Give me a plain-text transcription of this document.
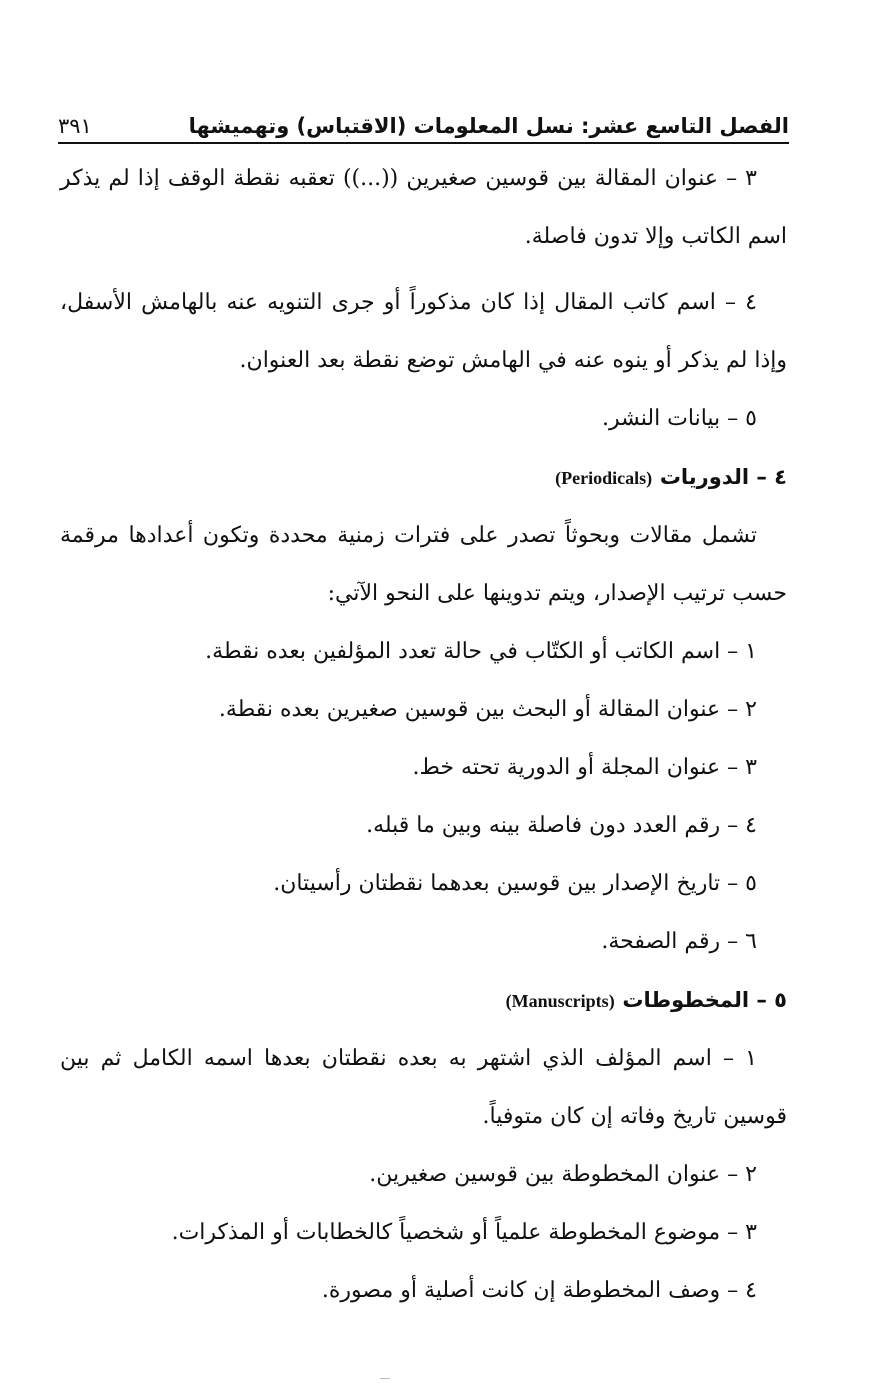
الفصل التاسع عشر: نسل المعلومات (الاقتباس) وتهميشها
٣٩١

٣ – عنوان المقالة بين قوسين صغيرين ((...)) تعقبه نقطة الوقف إذا لم يذكر اسم الكاتب وإلا تدون فاصلة.

٤ – اسم كاتب المقال إذا كان مذكوراً أو جرى التنويه عنه بالهامش الأسفل، وإذا لم يذكر أو ينوه عنه في الهامش توضع نقطة بعد العنوان.

٥ – بيانات النشر.

٤ – الدوريات (Periodicals)

تشمل مقالات وبحوثاً تصدر على فترات زمنية محددة وتكون أعدادها مرقمة حسب ترتيب الإصدار، ويتم تدوينها على النحو الآتي:

١ – اسم الكاتب أو الكتّاب في حالة تعدد المؤلفين بعده نقطة.

٢ – عنوان المقالة أو البحث بين قوسين صغيرين بعده نقطة.

٣ – عنوان المجلة أو الدورية تحته خط.

٤ – رقم العدد دون فاصلة بينه وبين ما قبله.

٥ – تاريخ الإصدار بين قوسين بعدهما نقطتان رأسيتان.

٦ – رقم الصفحة.

٥ – المخطوطات (Manuscripts)

١ – اسم المؤلف الذي اشتهر به بعده نقطتان بعدها اسمه الكامل ثم بين قوسين تاريخ وفاته إن كان متوفياً.

٢ – عنوان المخطوطة بين قوسين صغيرين.

٣ – موضوع المخطوطة علمياً أو شخصياً كالخطابات أو المذكرات.

٤ – وصف المخطوطة إن كانت أصلية أو مصورة.
